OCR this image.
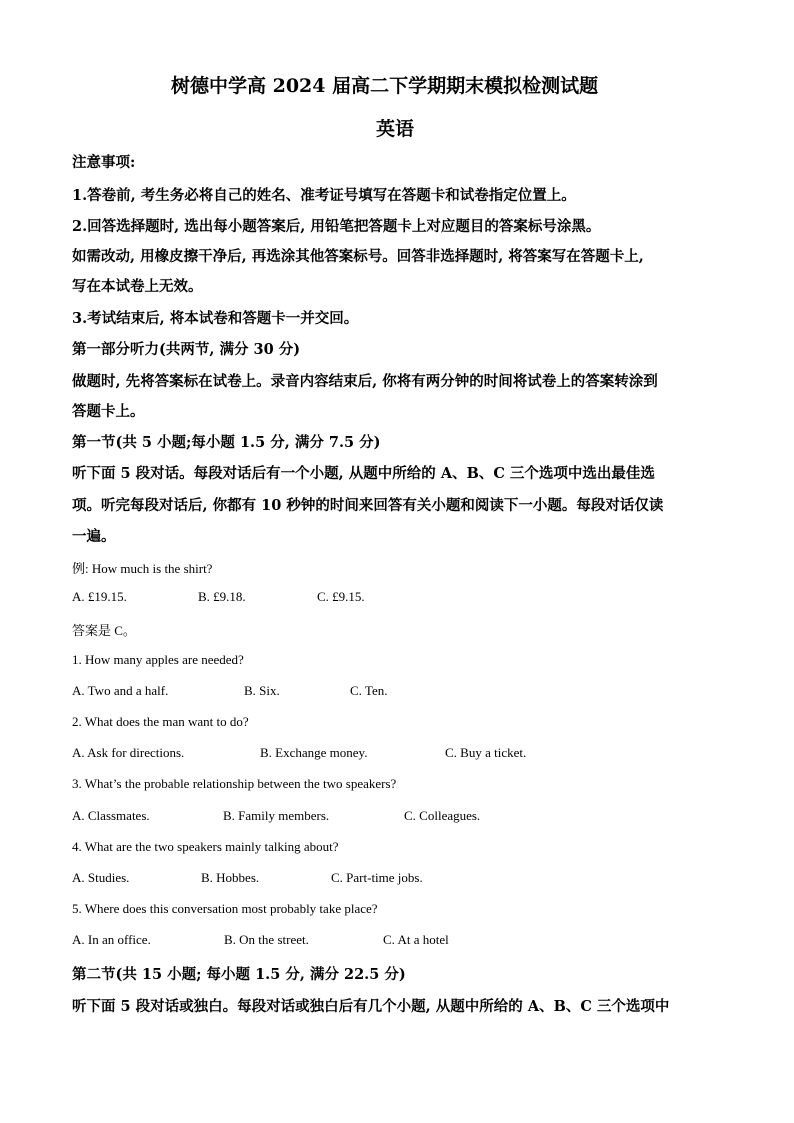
树德中学高 2024 届高二下学期期末模拟检测试题
英语
注意事项:
1.答卷前, 考生务必将自己的姓名、准考证号填写在答题卡和试卷指定位置上。
2.回答选择题时, 选出每小题答案后, 用铅笔把答题卡上对应题目的答案标号涂黑。
如需改动, 用橡皮擦干净后, 再选涂其他答案标号。回答非选择题时, 将答案写在答题卡上,
写在本试卷上无效。
3.考试结束后, 将本试卷和答题卡一并交回。
第一部分听力(共两节, 满分 30 分)
做题时, 先将答案标在试卷上。录音内容结束后, 你将有两分钟的时间将试卷上的答案转涂到
答题卡上。
第一节(共 5 小题;每小题 1.5 分, 满分 7.5 分)
听下面 5 段对话。每段对话后有一个小题, 从题中所给的 A、B、C 三个选项中选出最佳选
项。听完每段对话后, 你都有 10 秒钟的时间来回答有关小题和阅读下一小题。每段对话仅读
一遍。
例: How much is the shirt?
A. £19.15.	B. £9.18.	C. £9.15.
答案是 C。
1. How many apples are needed?
A. Two and a half.	B. Six.	C. Ten.
2. What does the man want to do?
A. Ask for directions.	B. Exchange money.	C. Buy a ticket.
3. What’s the probable relationship between the two speakers?
A. Classmates.	B. Family members.	C. Colleagues.
4. What are the two speakers mainly talking about?
A. Studies.	B. Hobbes.	C. Part-time jobs.
5. Where does this conversation most probably take place?
A. In an office.	B. On the street.	C. At a hotel
第二节(共 15 小题; 每小题 1.5 分, 满分 22.5 分)
听下面 5 段对话或独白。每段对话或独白后有几个小题, 从题中所给的 A、B、C 三个选项中
